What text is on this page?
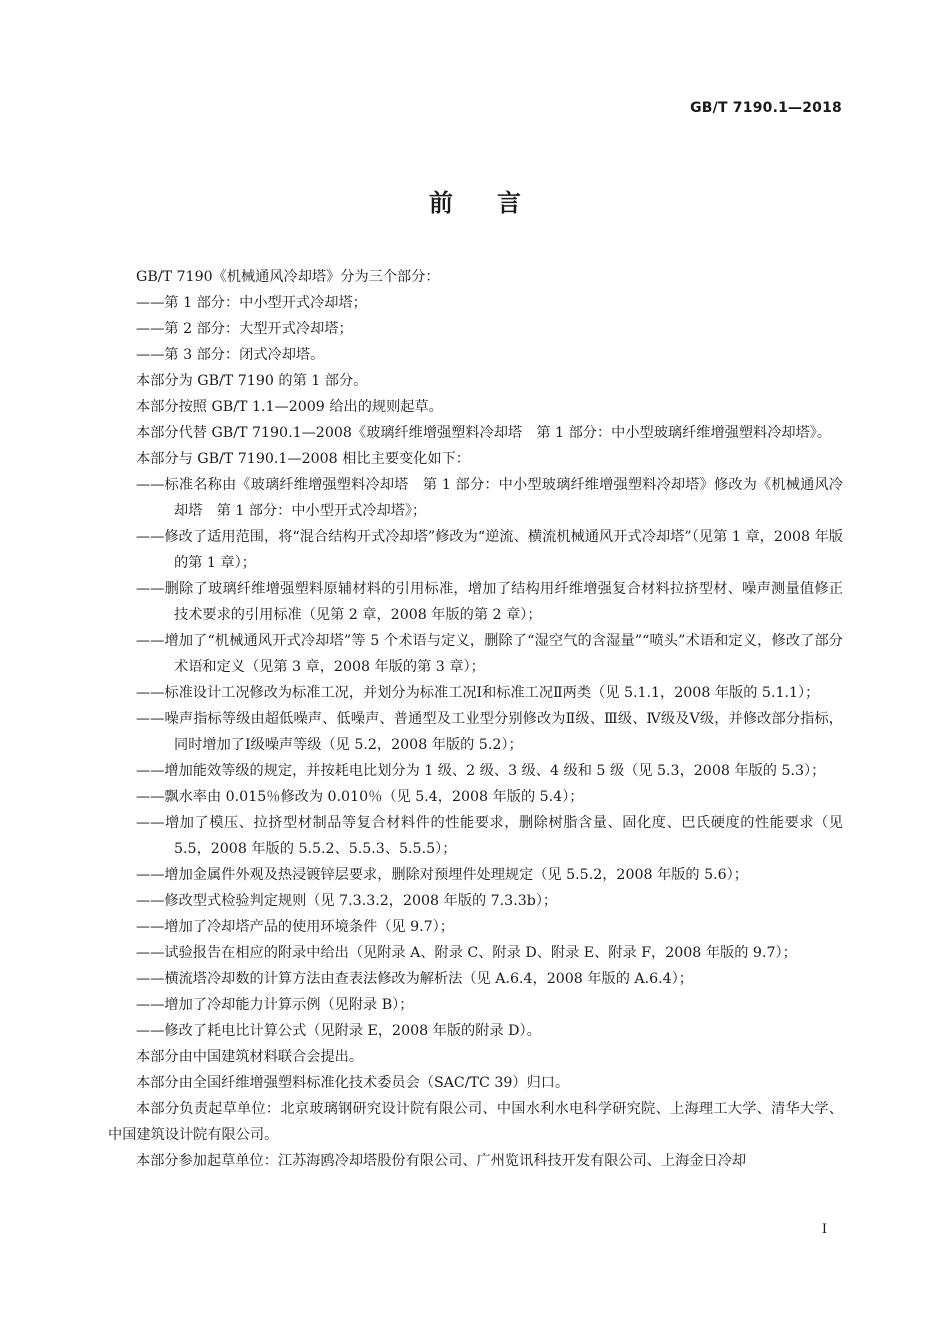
GB/T 7190.1—2018
前言

GB/T 7190《机械通风冷却塔》分为三个部分：

——第 1 部分：中小型开式冷却塔；

——第 2 部分：大型开式冷却塔；

——第 3 部分：闭式冷却塔。

本部分为 GB/T 7190 的第 1 部分。

本部分按照 GB/T 1.1—2009 给出的规则起草。

本部分代替 GB/T 7190.1—2008《玻璃纤维增强塑料冷却塔　第 1 部分：中小型玻璃纤维增强塑料冷却塔》。

本部分与 GB/T 7190.1—2008 相比主要变化如下：

——标准名称由《玻璃纤维增强塑料冷却塔　第 1 部分：中小型玻璃纤维增强塑料冷却塔》修改为《机械通风冷却塔　第 1 部分：中小型开式冷却塔》；

——修改了适用范围，将“混合结构开式冷却塔”修改为“逆流、横流机械通风开式冷却塔”（见第 1 章，2008 年版的第 1 章）；

——删除了玻璃纤维增强塑料原辅材料的引用标准，增加了结构用纤维增强复合材料拉挤型材、噪声测量值修正技术要求的引用标准（见第 2 章，2008 年版的第 2 章）；

——增加了“机械通风开式冷却塔”等 5 个术语与定义，删除了“湿空气的含湿量”“喷头”术语和定义，修改了部分术语和定义（见第 3 章，2008 年版的第 3 章）；

——标准设计工况修改为标准工况，并划分为标准工况Ⅰ和标准工况Ⅱ两类（见 5.1.1，2008 年版的 5.1.1）；

——噪声指标等级由超低噪声、低噪声、普通型及工业型分别修改为Ⅱ级、Ⅲ级、Ⅳ级及Ⅴ级，并修改部分指标，同时增加了Ⅰ级噪声等级（见 5.2，2008 年版的 5.2）；

——增加能效等级的规定，并按耗电比划分为 1 级、2 级、3 级、4 级和 5 级（见 5.3，2008 年版的 5.3）；

——飘水率由 0.015％修改为 0.010％（见 5.4，2008 年版的 5.4）；

——增加了模压、拉挤型材制品等复合材料件的性能要求，删除树脂含量、固化度、巴氏硬度的性能要求（见 5.5，2008 年版的 5.5.2、5.5.3、5.5.5）；

——增加金属件外观及热浸镀锌层要求，删除对预埋件处理规定（见 5.5.2，2008 年版的 5.6）；

——修改型式检验判定规则（见 7.3.3.2，2008 年版的 7.3.3b）；

——增加了冷却塔产品的使用环境条件（见 9.7）；

——试验报告在相应的附录中给出（见附录 A、附录 C、附录 D、附录 E、附录 F，2008 年版的 9.7）；

——横流塔冷却数的计算方法由查表法修改为解析法（见 A.6.4，2008 年版的 A.6.4）；

——增加了冷却能力计算示例（见附录 B）；

——修改了耗电比计算公式（见附录 E，2008 年版的附录 D）。

本部分由中国建筑材料联合会提出。

本部分由全国纤维增强塑料标准化技术委员会（SAC/TC 39）归口。

本部分负责起草单位：北京玻璃钢研究设计院有限公司、中国水利水电科学研究院、上海理工大学、清华大学、中国建筑设计院有限公司。

本部分参加起草单位：江苏海鸥冷却塔股份有限公司、广州览讯科技开发有限公司、上海金日冷却

I
